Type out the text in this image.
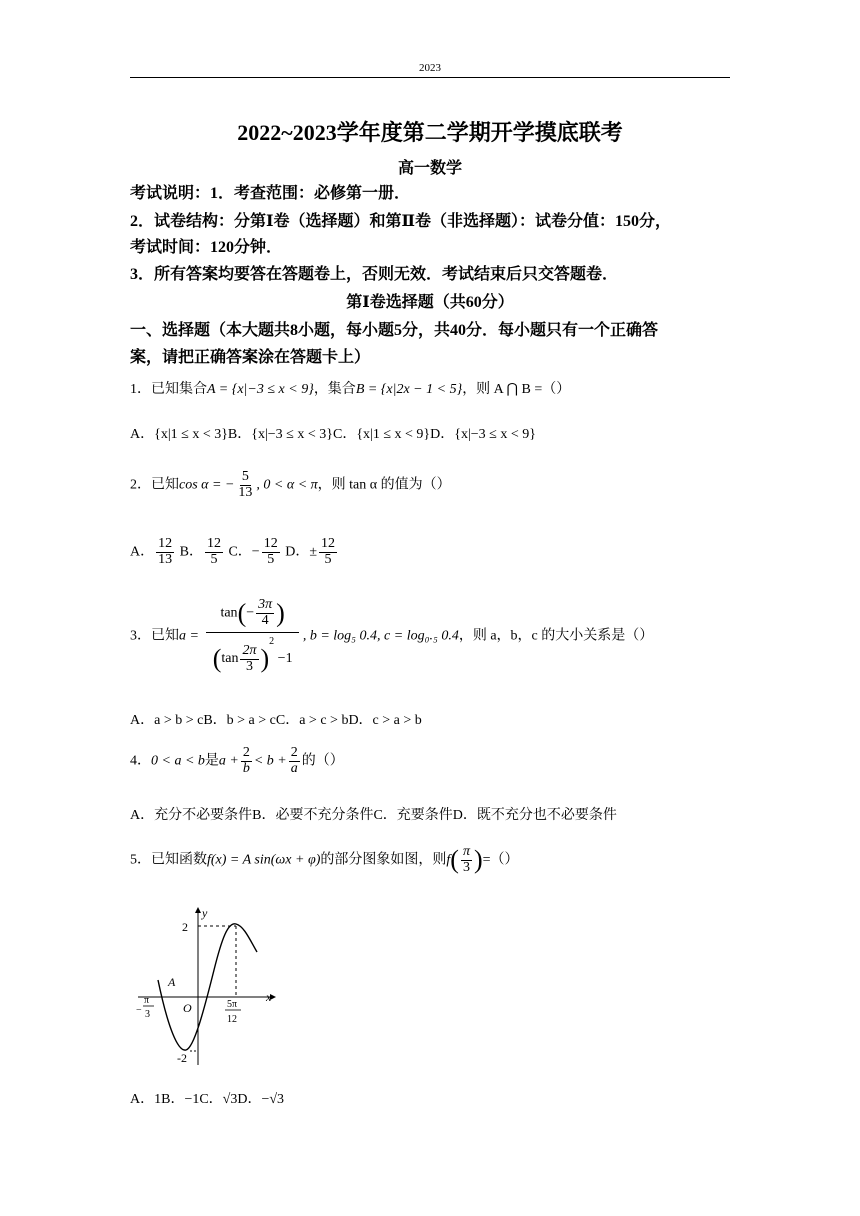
2023
2022~2023学年度第二学期开学摸底联考
高一数学
考试说明：1．考查范围：必修第一册．
2．试卷结构：分第Ⅰ卷（选择题）和第Ⅱ卷（非选择题）：试卷分值：150分，
考试时间：120分钟．
3．所有答案均要答在答题卷上，否则无效．考试结束后只交答题卷．
第Ⅰ卷选择题（共60分）
一、选择题（本大题共8小题，每小题5分，共40分．每小题只有一个正确答
案，请把正确答案涂在答题卡上）
1．已知集合A = {x|−3 ≤ x < 9}，集合B = {x|2x − 1 < 5}，则 A ⋂ B =（）
A．{x|1 ≤ x < 3}B．{x|−3 ≤ x < 3}C．{x|1 ≤ x < 9}D．{x|−3 ≤ x < 9}
2．已知cos α = − $\frac{5}{13}$ , 0 < α < π，则 tan α 的值为（）
A． $\frac{12}{13}$ B． $\frac{12}{5}$ C．− $\frac{12}{5}$ D．± $\frac{12}{5}$
3．已知$a = \frac{\tan(- \frac{3\pi}{4} )}{(\tan \frac{2\pi}{3} )^2 -1}$ , b = log₅ 0.4, c = log₀.₅ 0.4，则 a，b，c 的大小关系是（）
A．a > b > cB．b > a > cC．a > c > bD．c > a > b
4．0 < a < b是$a + \frac{2}{b} < b + \frac{2}{a}$ 的（）
A．充分不必要条件B．必要不充分条件C．充要条件D．既不充分也不必要条件
5．已知函数f(x) = A sin(ωx + φ)的部分图象如图，则$f( \frac{\pi}{3}$ )=（）
y
x
O
A
2
-2
π
− 3
5π
12
A．1B．−1C．√3D．−√3
